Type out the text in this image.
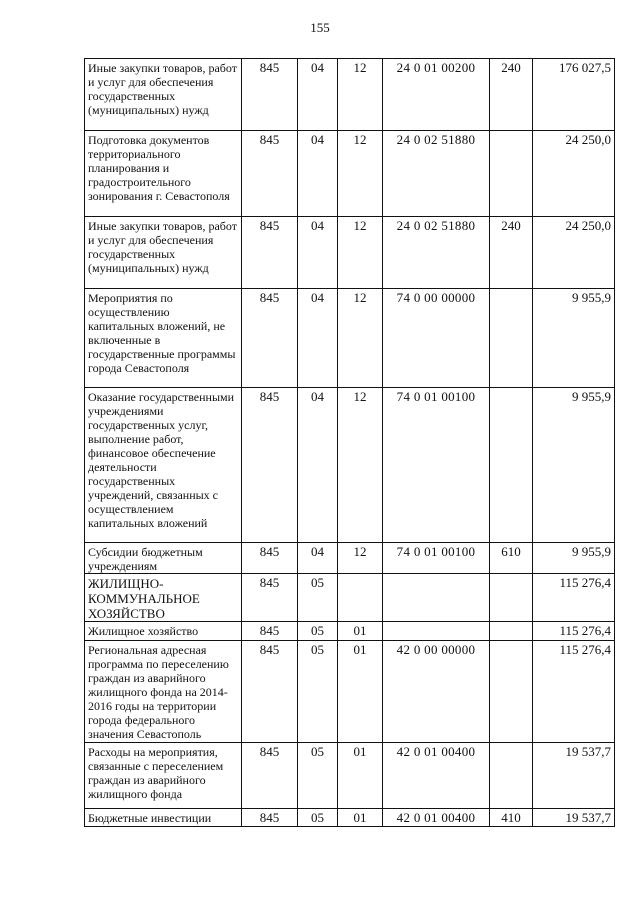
155
Иные закупки товаров, работ и услуг для обеспечения государственных (муниципальных) нужд	845	04	12	24 0 01 00200	240	176 027,5
Подготовка документов территориального планирования и градостроительного зонирования г. Севастополя	845	04	12	24 0 02 51880		24 250,0
Иные закупки товаров, работ и услуг для обеспечения государственных (муниципальных) нужд	845	04	12	24 0 02 51880	240	24 250,0
Мероприятия по осуществлению капитальных вложений, не включенные в государственные программы города Севастополя	845	04	12	74 0 00 00000		9 955,9
Оказание государственными учреждениями государственных услуг, выполнение работ, финансовое обеспечение деятельности государственных учреждений, связанных с осуществлением капитальных вложений	845	04	12	74 0 01 00100		9 955,9
Субсидии бюджетным учреждениям	845	04	12	74 0 01 00100	610	9 955,9
ЖИЛИЩНО-КОММУНАЛЬНОЕ ХОЗЯЙСТВО	845	05				115 276,4
Жилищное хозяйство	845	05	01			115 276,4
Региональная адресная программа по переселению граждан из аварийного жилищного фонда на 2014-2016 годы на территории города федерального значения Севастополь	845	05	01	42 0 00 00000		115 276,4
Расходы на мероприятия, связанные с переселением граждан из аварийного жилищного фонда	845	05	01	42 0 01 00400		19 537,7
Бюджетные инвестиции	845	05	01	42 0 01 00400	410	19 537,7
